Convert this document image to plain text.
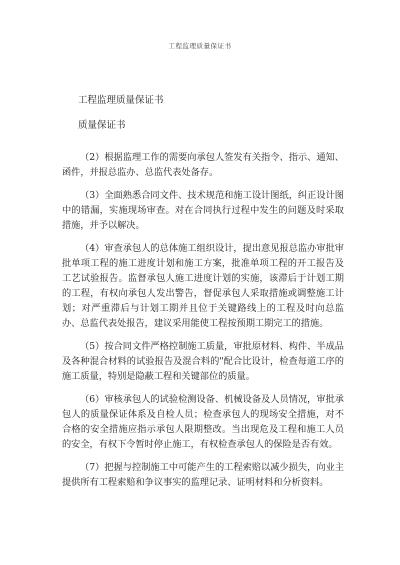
工程监理质量保证书
工程监理质量保证书
质量保证书

（2）根据监理工作的需要向承包人签发有关指令、指示、通知、函件，并报总监办、总监代表处备存。

（3）全面熟悉合同文件、技术规范和施工设计图纸，纠正设计图中的错漏，实施现场审查。对在合同执行过程中发生的问题及时采取措施，并予以解决。

（4）审查承包人的总体施工组织设计，提出意见报总监办审批审批单项工程的施工进度计划和施工方案，批准单项工程的开工报告及工艺试验报告。监督承包人施工进度计划的实施，该滞后于计划工期的工程，有权向承包人发出警告，督促承包人采取措施或调整施工计划；对严重滞后与计划工期并且位于关键路线上的工程及时向总监办、总监代表处报告，建议采用能使工程按预期工期完工的措施。

（5）按合同文件严格控制施工质量，审批原材料、构件、半成品及各种混合材料的试验报告及混合料的"配合比设计，检查每道工序的施工质量，特别是隐蔽工程和关键部位的质量。

（6）审核承包人的试验检测设备、机械设备及人员情况，审批承包人的质量保证体系及自检人员；检查承包人的现场安全措施，对不合格的安全措施应指示承包人限期整改。当出现危及工程和施工人员的安全，有权下令暂时停止施工，有权检查承包人的保险是否有效。

（7）把握与控制施工中可能产生的工程索赔以减少损失，向业主提供所有工程索赔和争议事实的监理记录、证明材料和分析资料。
